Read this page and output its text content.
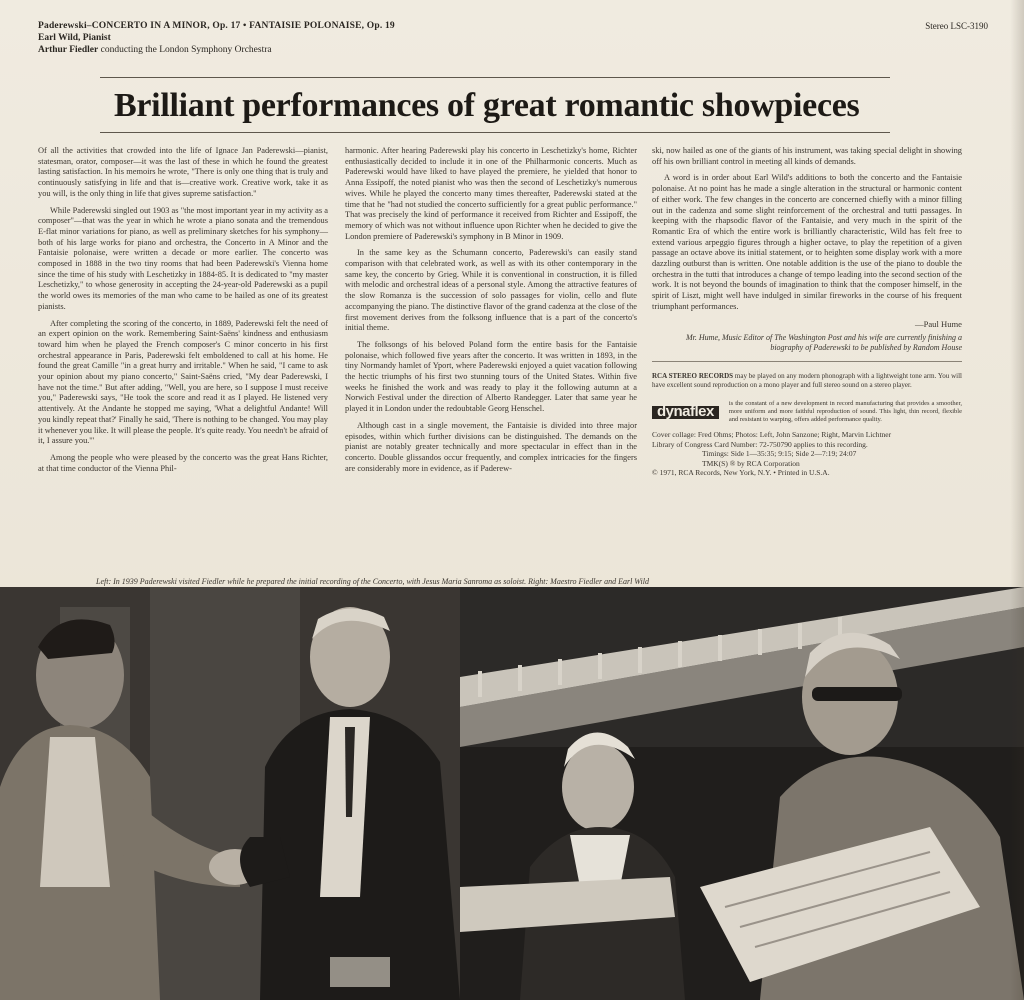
Paderewski–CONCERTO IN A MINOR, Op. 17 • FANTAISIE POLONAISE, Op. 19
Earl Wild, Pianist
Arthur Fiedler conducting the London Symphony Orchestra
Stereo LSC-3190
Brilliant performances of great romantic showpieces

Of all the activities that crowded into the life of Ignace Jan Paderewski—pianist, statesman, orator, composer—it was the last of these in which he found the greatest lasting satisfaction. In his memoirs he wrote, "There is only one thing that is truly and continuously satisfying in life and that is—creative work. Creative work, take it as you will, is the only thing in life that gives supreme satisfaction."

While Paderewski singled out 1903 as "the most important year in my activity as a composer"—that was the year in which he wrote a piano sonata and the tremendous E-flat minor variations for piano, as well as preliminary sketches for his symphony—both of his large works for piano and orchestra, the Concerto in A Minor and the Fantaisie polonaise, were written a decade or more earlier. The concerto was composed in 1888 in the two tiny rooms that had been Paderewski's Vienna home since the time of his study with Leschetizky in 1884-85. It is dedicated to "my master Leschetizky," to whose generosity in accepting the 24-year-old Paderewski as a pupil the world owes its memories of the man who came to be hailed as one of its greatest pianists.

After completing the scoring of the concerto, in 1889, Paderewski felt the need of an expert opinion on the work. Remembering Saint-Saëns' kindness and enthusiasm toward him when he played the French composer's C minor concerto in his first orchestral appearance in Paris, Paderewski felt emboldened to call at his home. He found the great Camille "in a great hurry and irritable." When he said, "I came to ask your opinion about my piano concerto," Saint-Saëns cried, "My dear Paderewski, I have not the time." But after adding, "Well, you are here, so I suppose I must receive you," Paderewski says, "He took the score and read it as I played. He listened very attentively. At the Andante he stopped me saying, 'What a delightful Andante! Will you kindly repeat that?' Finally he said, 'There is nothing to be changed. You may play it whenever you like. It will please the people. It's quite ready. You needn't be afraid of it, I assure you.'"

Among the people who were pleased by the concerto was the great Hans Richter, at that time conductor of the Vienna Phil-

harmonic. After hearing Paderewski play his concerto in Leschetizky's home, Richter enthusiastically decided to include it in one of the Philharmonic concerts. Much as Paderewski would have liked to have played the premiere, he yielded that honor to Anna Essipoff, the noted pianist who was then the second of Leschetizky's numerous wives. While he played the concerto many times thereafter, Paderewski stated at the time that he "had not studied the concerto sufficiently for a great public performance." That was precisely the kind of performance it received from Richter and Essipoff, the memory of which was not without influence upon Richter when he decided to give the London premiere of Paderewski's symphony in B Minor in 1909.

In the same key as the Schumann concerto, Paderewski's can easily stand comparison with that celebrated work, as well as with its other contemporary in the same key, the concerto by Grieg. While it is conventional in construction, it is filled with melodic and orchestral ideas of a personal style. Among the attractive features of the slow Romanza is the succession of solo passages for violin, cello and flute accompanying the piano. The distinctive flavor of the grand cadenza at the close of the first movement derives from the folksong influence that is a part of the concerto's initial theme.

The folksongs of his beloved Poland form the entire basis for the Fantaisie polonaise, which followed five years after the concerto. It was written in 1893, in the tiny Normandy hamlet of Yport, where Paderewski enjoyed a quiet vacation following the hectic triumphs of his first two stunning tours of the United States. Within five weeks he finished the work and was ready to play it the following autumn at a Norwich Festival under the direction of Alberto Randegger. Later that same year he played it in London under the redoubtable Georg Henschel.

Although cast in a single movement, the Fantaisie is divided into three major episodes, within which further divisions can be distinguished. The demands on the pianist are notably greater technically and more spectacular in effect than in the concerto. Double glissandos occur frequently, and complex intricacies for the fingers are considerably more in evidence, as if Paderew-

ski, now hailed as one of the giants of his instrument, was taking special delight in showing off his own brilliant control in meeting all kinds of demands.

A word is in order about Earl Wild's additions to both the concerto and the Fantaisie polonaise. At no point has he made a single alteration in the structural or harmonic content of either work. The few changes in the concerto are concerned chiefly with a minor filling out in the cadenza and some slight reinforcement of the orchestral and tutti passages. In keeping with the rhapsodic flavor of the Fantaisie, and very much in the spirit of the Romantic Era of which the entire work is brilliantly characteristic, Wild has felt free to extend various arpeggio figures through a higher octave, to play the repetition of a given passage an octave above its initial statement, or to heighten some display work with a more dazzling outburst than is written. One notable addition is the use of the piano to double the orchestra in the tutti that introduces a change of tempo leading into the second section of the work. It is not beyond the bounds of imagination to think that the composer himself, in the spirit of Liszt, might well have indulged in similar fireworks in the course of his frequent triumphant performances.

—Paul Hume
Mr. Hume, Music Editor of The Washington Post and his wife are currently finishing a biography of Paderewski to be published by Random House
RCA STEREO RECORDS may be played on any modern phonograph with a lightweight tone arm. You will have excellent sound reproduction on a mono player and full stereo sound on a stereo player.
dynaflex	is the constant of a new development in record manufacturing that provides a smoother, more uniform and more faithful reproduction of sound. This light, thin record, flexible and resistant to warping, offers added performance quality.
Cover collage: Fred Ohms; Photos: Left, John Sanzone; Right, Marvin Lichtner
Library of Congress Card Number: 72-750790 applies to this recording.
Timings: Side 1—35:35; 9:15; Side 2—7:19; 24:07
TMK(S) ® by RCA Corporation
© 1971, RCA Records, New York, N.Y. • Printed in U.S.A.
Left: In 1939 Paderewski visited Fiedler while he prepared the initial recording of the Concerto, with Jesus Maria Sanroma as soloist. Right: Maestro Fiedler and Earl Wild
